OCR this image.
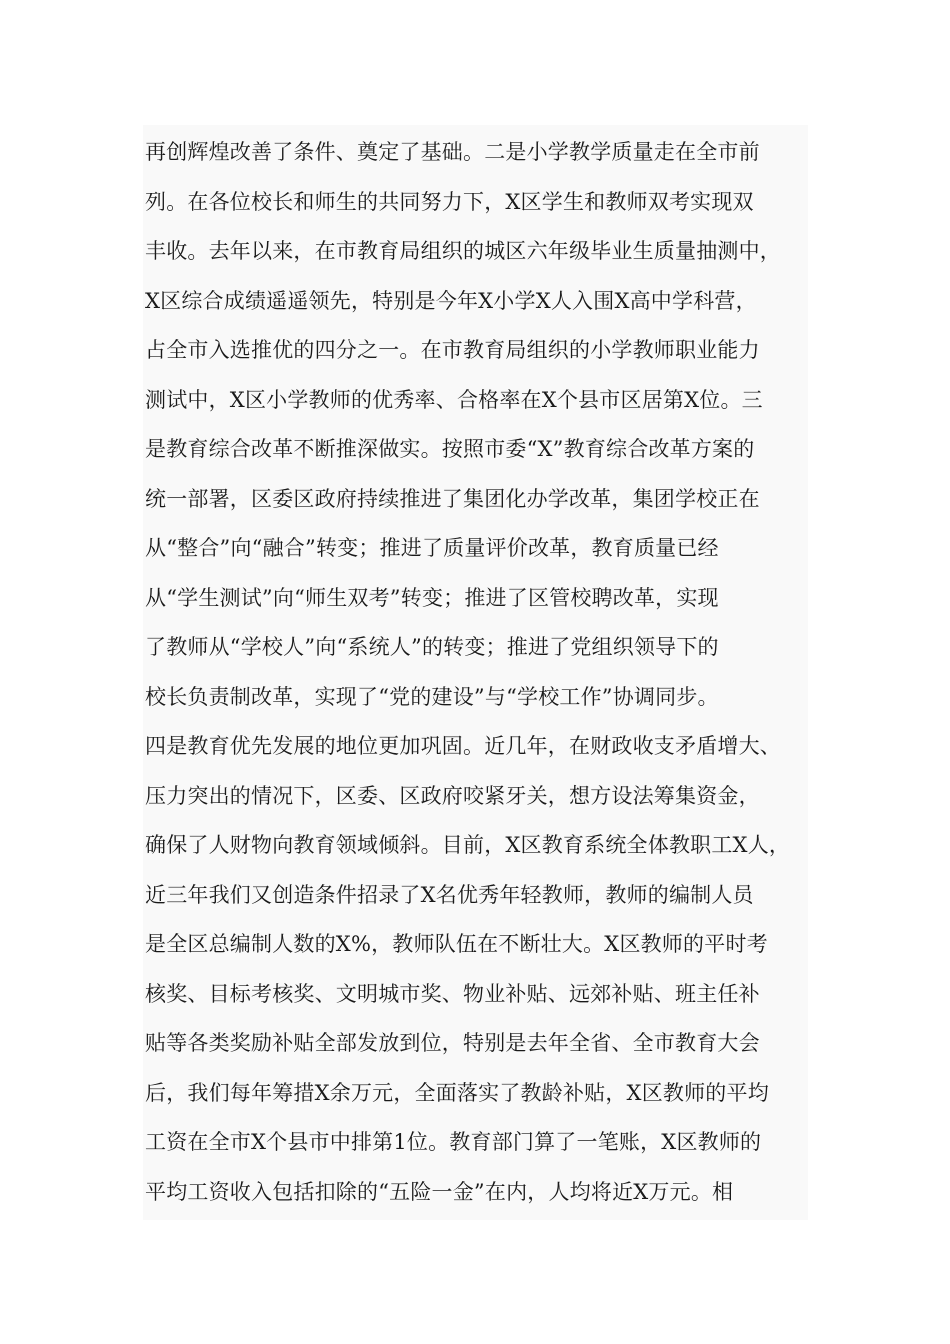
再创辉煌改善了条件、奠定了基础。二是小学教学质量走在全市前
列。在各位校长和师生的共同努力下，X区学生和教师双考实现双
丰收。去年以来，在市教育局组织的城区六年级毕业生质量抽测中，
X区综合成绩遥遥领先，特别是今年X小学X人入围X高中学科营，
占全市入选推优的四分之一。在市教育局组织的小学教师职业能力
测试中，X区小学教师的优秀率、合格率在X个县市区居第X位。三
是教育综合改革不断推深做实。按照市委“X”教育综合改革方案的
统一部署，区委区政府持续推进了集团化办学改革，集团学校正在
从“整合”向“融合”转变；推进了质量评价改革，教育质量已经
从“学生测试”向“师生双考”转变；推进了区管校聘改革，实现
了教师从“学校人”向“系统人”的转变；推进了党组织领导下的
校长负责制改革，实现了“党的建设”与“学校工作”协调同步。
四是教育优先发展的地位更加巩固。近几年，在财政收支矛盾增大、
压力突出的情况下，区委、区政府咬紧牙关，想方设法筹集资金，
确保了人财物向教育领域倾斜。目前，X区教育系统全体教职工X人，
近三年我们又创造条件招录了X名优秀年轻教师，教师的编制人员
是全区总编制人数的X%，教师队伍在不断壮大。X区教师的平时考
核奖、目标考核奖、文明城市奖、物业补贴、远郊补贴、班主任补
贴等各类奖励补贴全部发放到位，特别是去年全省、全市教育大会
后，我们每年筹措X余万元，全面落实了教龄补贴，X区教师的平均
工资在全市X个县市中排第1位。教育部门算了一笔账，X区教师的
平均工资收入包括扣除的“五险一金”在内，人均将近X万元。相
